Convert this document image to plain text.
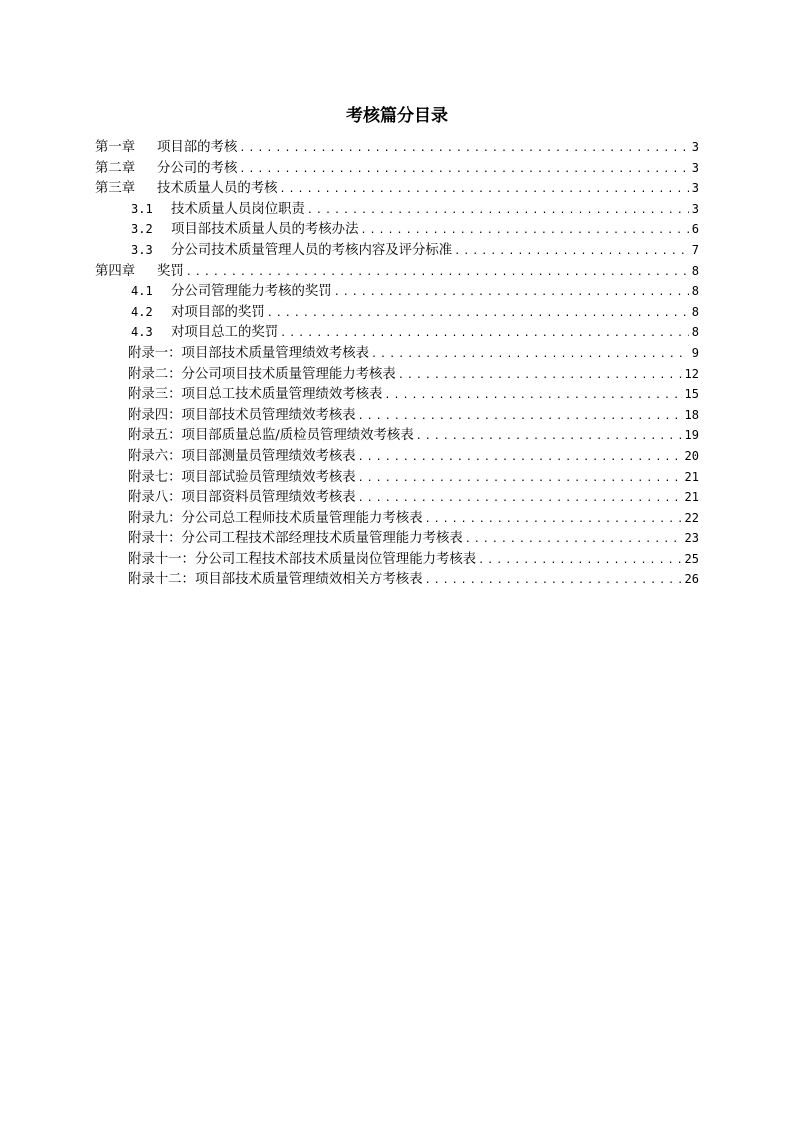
考核篇分目录
第一章	项目部的考核 .....	3
第二章	分公司的考核 .....	3
第三章	技术质量人员的考核 .....	3
3.1	技术质量人员岗位职责 .....	3
3.2	项目部技术质量人员的考核办法 .....	6
3.3	分公司技术质量管理人员的考核内容及评分标准 .....	7
第四章	奖罚 .....	8
4.1	分公司管理能力考核的奖罚 .....	8
4.2	对项目部的奖罚 .....	8
4.3	对项目总工的奖罚 .....	8
附录一：项目部技术质量管理绩效考核表 .....	9
附录二：分公司项目技术质量管理能力考核表 .....	12
附录三：项目总工技术质量管理绩效考核表 .....	15
附录四：项目部技术员管理绩效考核表 .....	18
附录五：项目部质量总监/质检员管理绩效考核表 .....	19
附录六：项目部测量员管理绩效考核表 .....	20
附录七：项目部试验员管理绩效考核表 .....	21
附录八：项目部资料员管理绩效考核表 .....	21
附录九：分公司总工程师技术质量管理能力考核表 .....	22
附录十：分公司工程技术部经理技术质量管理能力考核表 .....	23
附录十一：分公司工程技术部技术质量岗位管理能力考核表 .....	25
附录十二：项目部技术质量管理绩效相关方考核表 .....	26
